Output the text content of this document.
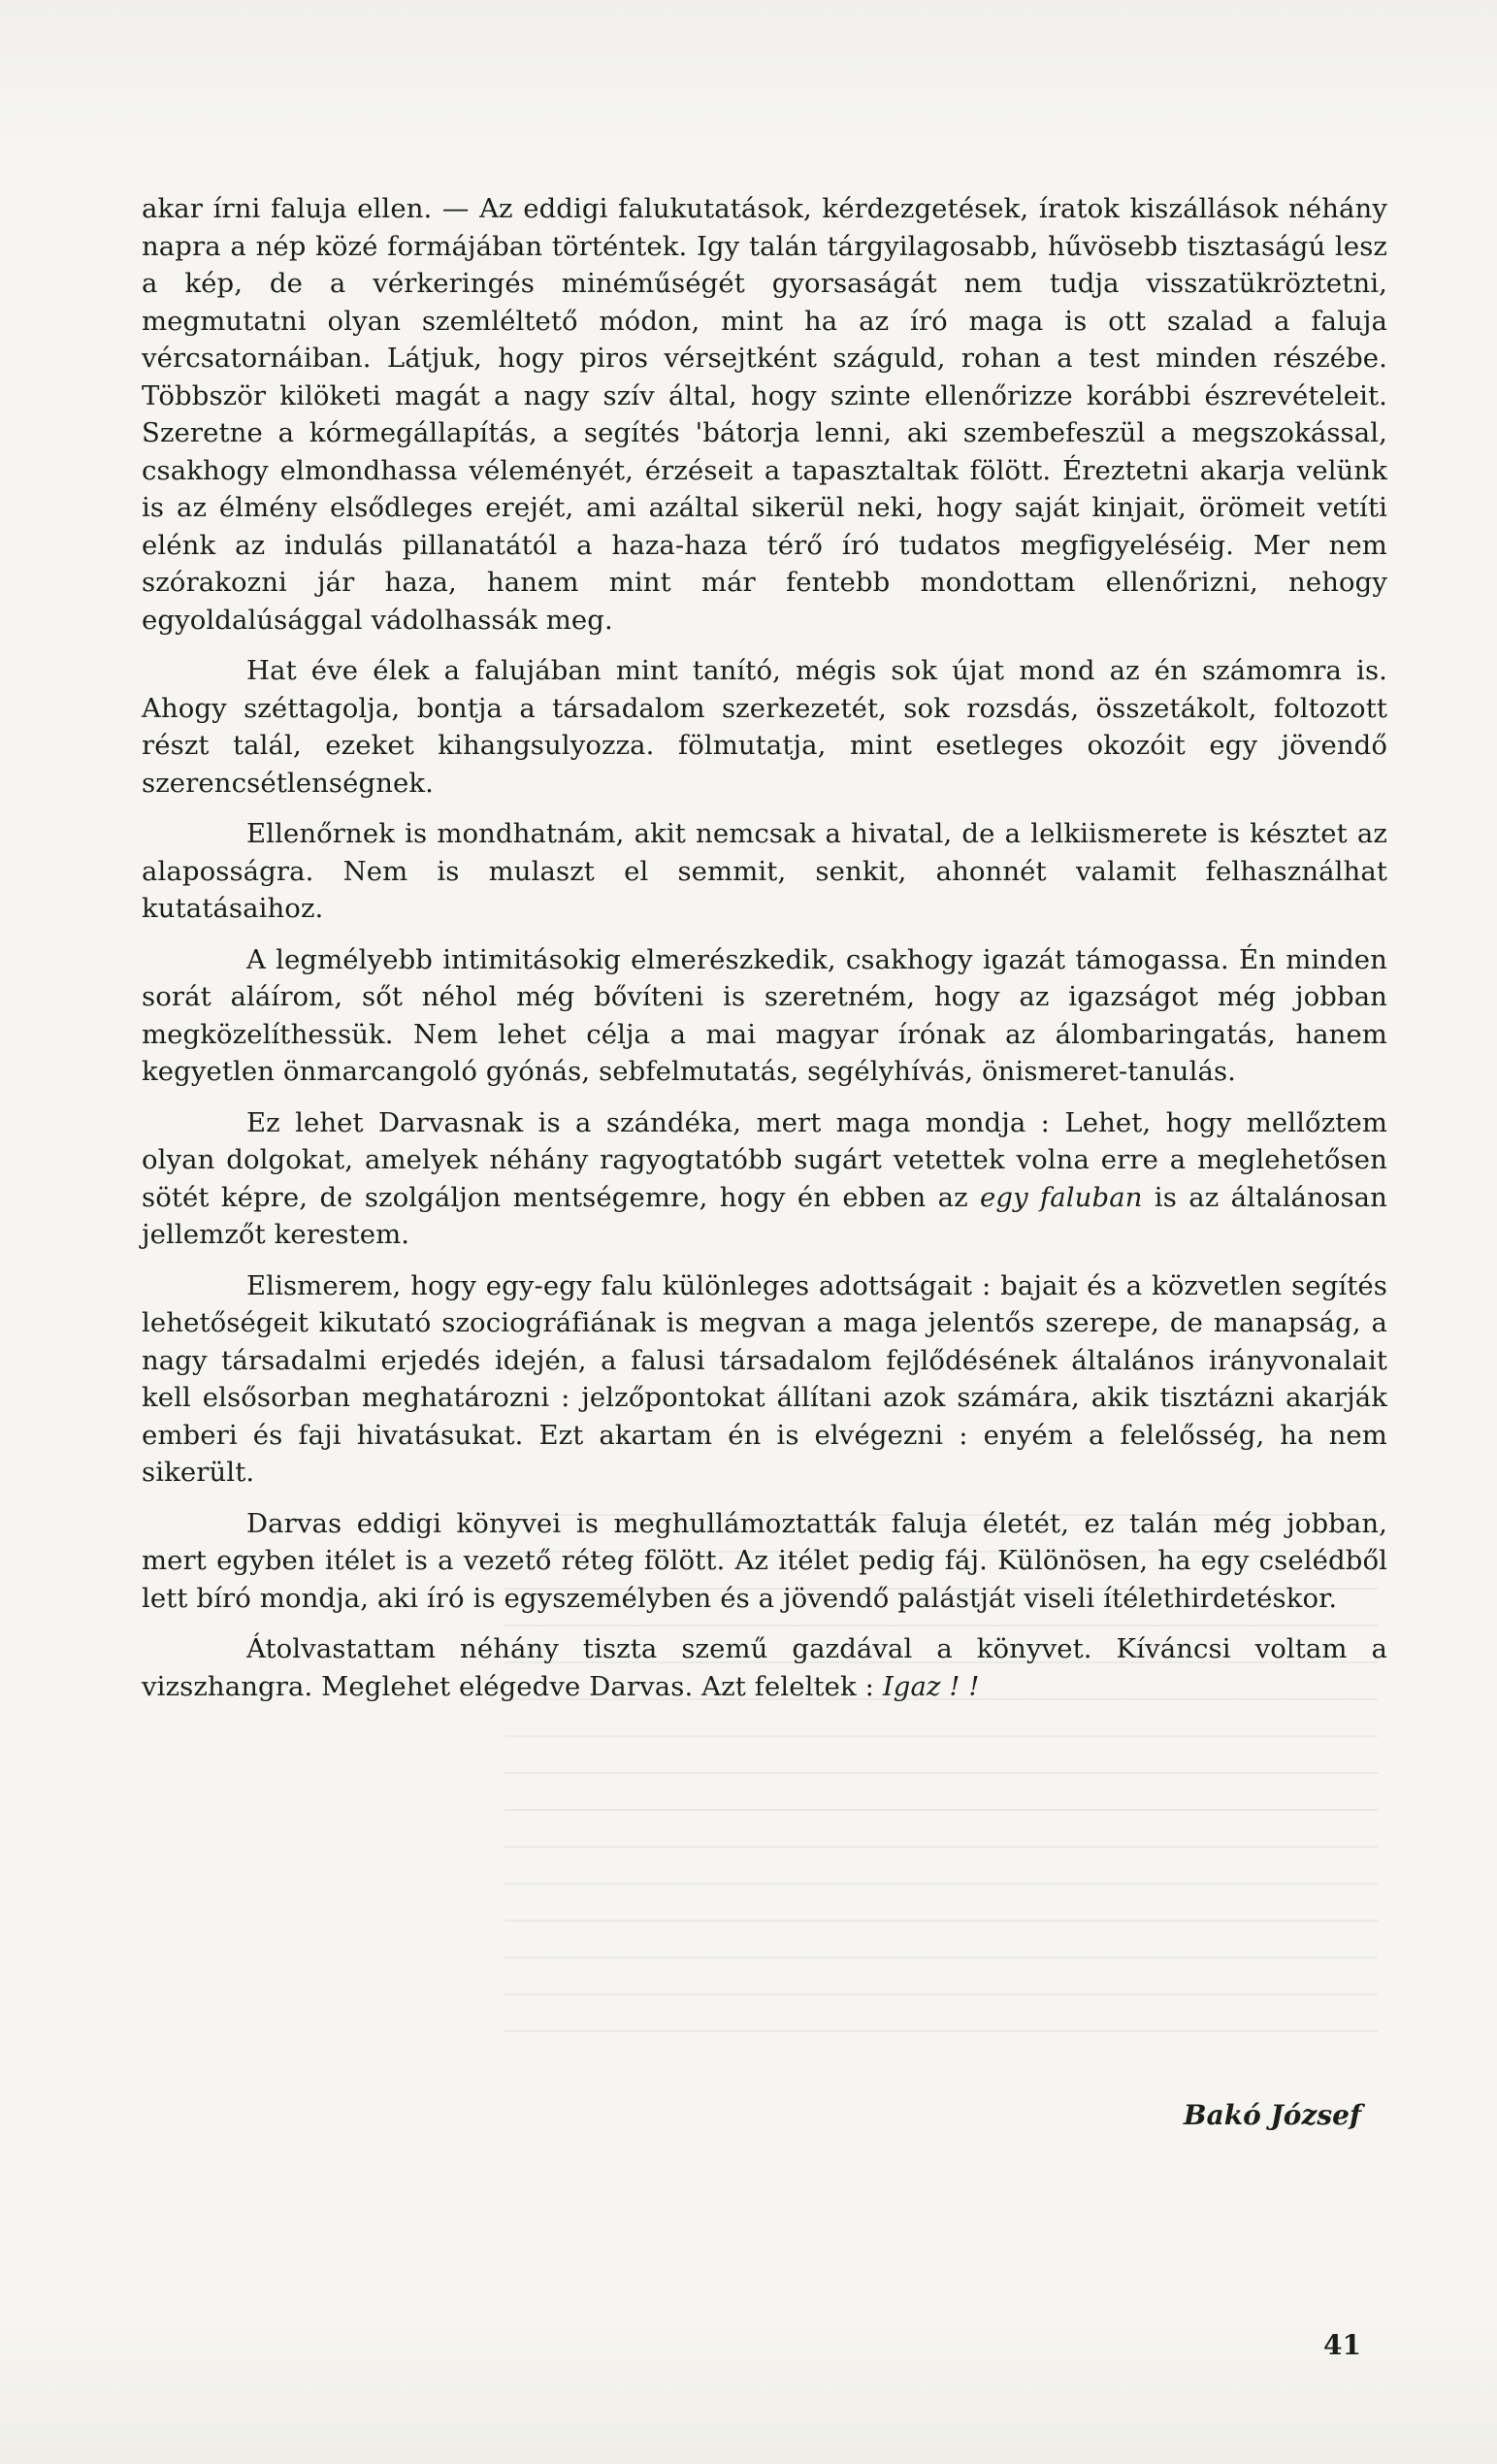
akar írni faluja ellen. — Az eddigi falukutatások, kérdezgetések, íratok kiszállások néhány napra a nép közé formájában történtek. Igy talán tárgyilagosabb, hűvösebb tisztaságú lesz a kép, de a vérkeringés minéműségét gyorsaságát nem tudja visszatükröztetni, megmutatni olyan szemléltető módon, mint ha az író maga is ott szalad a faluja vércsatornáiban. Látjuk, hogy piros vérsejtként száguld, rohan a test minden részébe. Többször kilöketi magát a nagy szív által, hogy szinte ellenőrizze korábbi észrevételeit. Szeretne a kórmegállapítás, a segítés 'bátorja lenni, aki szembefeszül a megszokással, csakhogy elmondhassa véleményét, érzéseit a tapasztaltak fölött. Éreztetni akarja velünk is az élmény elsődleges erejét, ami azáltal sikerül neki, hogy saját kinjait, örömeit vetíti elénk az indulás pillanatától a haza-haza térő író tudatos megfigyeléséig. Mer nem szórakozni jár haza, hanem mint már fentebb mondottam ellenőrizni, nehogy egyoldalúsággal vádolhassák meg.

Hat éve élek a falujában mint tanító, mégis sok újat mond az én számomra is. Ahogy széttagolja, bontja a társadalom szerkezetét, sok rozsdás, összetákolt, foltozott részt talál, ezeket kihangsulyozza. fölmutatja, mint esetleges okozóit egy jövendő szerencsétlenségnek.

Ellenőrnek is mondhatnám, akit nemcsak a hivatal, de a lelkiismerete is késztet az alaposságra. Nem is mulaszt el semmit, senkit, ahonnét valamit felhasználhat kutatásaihoz.

A legmélyebb intimitásokig elmerészkedik, csakhogy igazát támogassa. Én minden sorát aláírom, sőt néhol még bővíteni is szeretném, hogy az igazságot még jobban megközelíthessük. Nem lehet célja a mai magyar írónak az álombaringatás, hanem kegyetlen önmarcangoló gyónás, sebfelmutatás, segélyhívás, önismeret-tanulás.

Ez lehet Darvasnak is a szándéka, mert maga mondja : Lehet, hogy mellőztem olyan dolgokat, amelyek néhány ragyogtatóbb sugárt vetettek volna erre a meglehetősen sötét képre, de szolgáljon mentségemre, hogy én ebben az egy faluban is az általánosan jellemzőt kerestem.

Elismerem, hogy egy-egy falu különleges adottságait : bajait és a közvetlen segítés lehetőségeit kikutató szociográfiának is megvan a maga jelentős szerepe, de manapság, a nagy társadalmi erjedés idején, a falusi társadalom fejlődésének általános irányvonalait kell elsősorban meghatározni : jelzőpontokat állítani azok számára, akik tisztázni akarják emberi és faji hivatásukat. Ezt akartam én is elvégezni : enyém a felelősség, ha nem sikerült.

Darvas eddigi könyvei is meghullámoztatták faluja életét, ez talán még jobban, mert egyben itélet is a vezető réteg fölött. Az itélet pedig fáj. Különösen, ha egy cselédből lett bíró mondja, aki író is egyszemélyben és a jövendő palástját viseli ítélethirdetéskor.

Átolvastattam néhány tiszta szemű gazdával a könyvet. Kíváncsi voltam a vizszhangra. Meglehet elégedve Darvas. Azt feleltek : Igaz ! !

Bakó József
41
